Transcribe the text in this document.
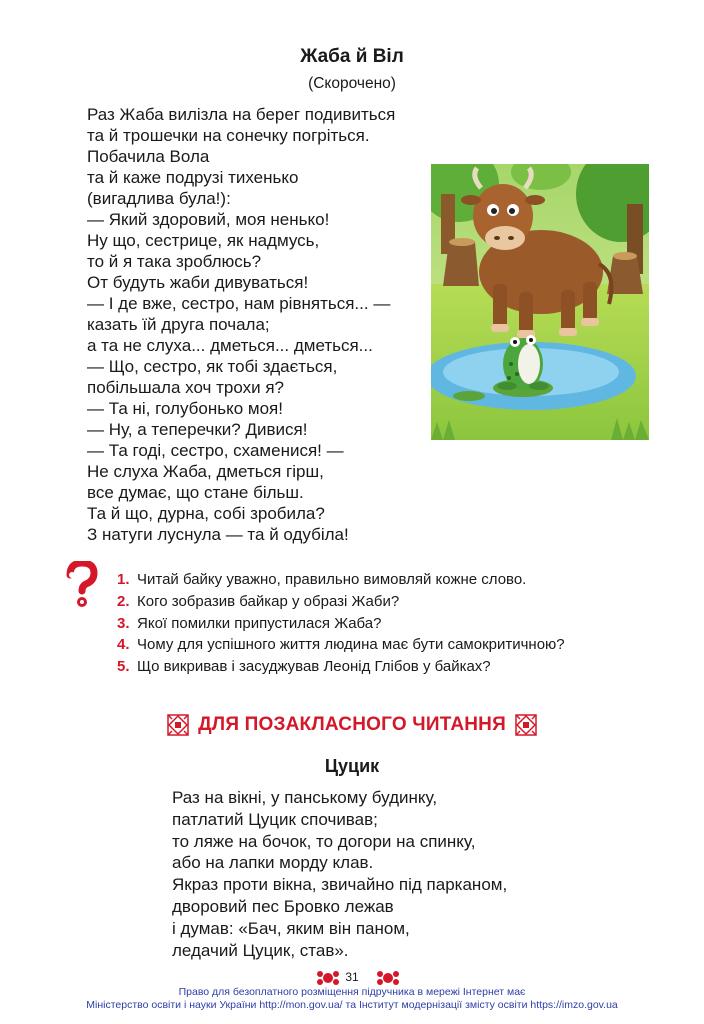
Жаба й Віл
(Скорочено)
Раз Жаба вилізла на берег подивиться
та й трошечки на сонечку погріться.
Побачила Вола
та й каже подрузі тихенько
(вигадлива була!):
— Який здоровий, моя ненько!
Ну що, сестрице, як надмусь,
то й я така зроблюсь?
От будуть жаби дивуваться!
— І де вже, сестро, нам рівняться... —
казать їй друга почала;
а та не слуха... дметься... дметься...
— Що, сестро, як тобі здається,
побільшала хоч трохи я?
— Та ні, голубонько моя!
— Ну, а теперечки? Дивися!
— Та годі, сестро, схаменися! —
Не слуха Жаба, дметься гірш,
все думає, що стане більш.
Та й що, дурна, собі зробила?
З натуги луснула — та й одубіла!
1. Читай байку уважно, правильно вимовляй кожне слово.
2. Кого зобразив байкар у образі Жаби?
3. Якої помилки припустилася Жаба?
4. Чому для успішного життя людина має бути самокритичною?
5. Що викривав і засуджував Леонід Глібов у байках?
ДЛЯ ПОЗАКЛАСНОГО ЧИТАННЯ
Цуцик
Раз на вікні, у панському будинку,
патлатий Цуцик спочивав;
то ляже на бочок, то догори на спинку,
або на лапки морду клав.
Якраз проти вікна, звичайно під парканом,
дворовий пес Бровко лежав
і думав: «Бач, яким він паном,
ледачий Цуцик, став».
31
Право для безоплатного розміщення підручника в мережі Інтернет має
Міністерство освіти і науки України http://mon.gov.ua/ та Інститут модернізації змісту освіти https://imzo.gov.ua
